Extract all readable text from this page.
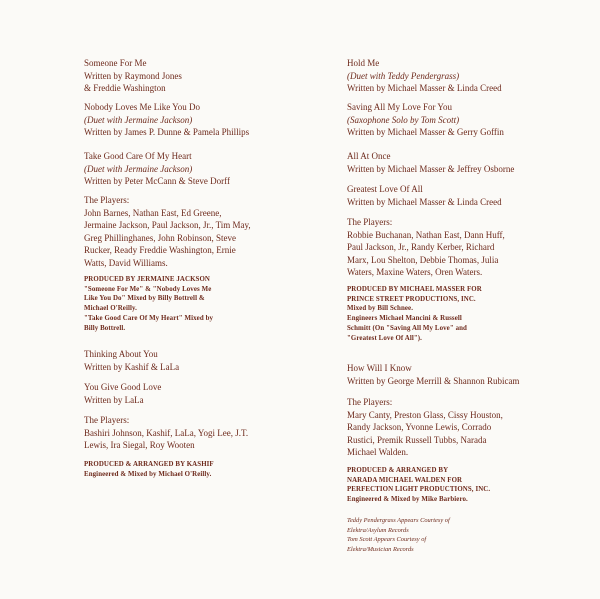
Someone For Me
Written by Raymond Jones
& Freddie Washington
Nobody Loves Me Like You Do
(Duet with Jermaine Jackson)
Written by James P. Dunne & Pamela Phillips
Take Good Care Of My Heart
(Duet with Jermaine Jackson)
Written by Peter McCann & Steve Dorff
The Players:
John Barnes, Nathan East, Ed Greene,
Jermaine Jackson, Paul Jackson, Jr., Tim May,
Greg Phillinghanes, John Robinson, Steve
Rucker, Ready Freddie Washington, Ernie
Watts, David Williams.
PRODUCED BY JERMAINE JACKSON
"Someone For Me" & "Nobody Loves Me
Like You Do" Mixed by Billy Bottrell &
Michael O'Reilly.
"Take Good Care Of My Heart" Mixed by
Billy Bottrell.
Thinking About You
Written by Kashif & LaLa
You Give Good Love
Written by LaLa
The Players:
Bashiri Johnson, Kashif, LaLa, Yogi Lee, J.T.
Lewis, Ira Siegal, Roy Wooten
PRODUCED & ARRANGED BY KASHIF
Engineered & Mixed by Michael O'Reilly.
Hold Me
(Duet with Teddy Pendergrass)
Written by Michael Masser & Linda Creed
Saving All My Love For You
(Saxophone Solo by Tom Scott)
Written by Michael Masser & Gerry Goffin
All At Once
Written by Michael Masser & Jeffrey Osborne
Greatest Love Of All
Written by Michael Masser & Linda Creed
The Players:
Robbie Buchanan, Nathan East, Dann Huff,
Paul Jackson, Jr., Randy Kerber, Richard
Marx, Lou Shelton, Debbie Thomas, Julia
Waters, Maxine Waters, Oren Waters.
PRODUCED BY MICHAEL MASSER FOR
PRINCE STREET PRODUCTIONS, INC.
Mixed by Bill Schnee.
Engineers Michael Mancini & Russell
Schmitt (On "Saving All My Love" and
"Greatest Love Of All").
How Will I Know
Written by George Merrill & Shannon Rubicam
The Players:
Mary Canty, Preston Glass, Cissy Houston,
Randy Jackson, Yvonne Lewis, Corrado
Rustici, Premik Russell Tubbs, Narada
Michael Walden.
PRODUCED & ARRANGED BY
NARADA MICHAEL WALDEN FOR
PERFECTION LIGHT PRODUCTIONS, INC.
Engineered & Mixed by Mike Barbiero.
Teddy Pendergrass Appears Courtesy of
Elektra/Asylum Records
Tom Scott Appears Courtesy of
Elektra/Musician Records
